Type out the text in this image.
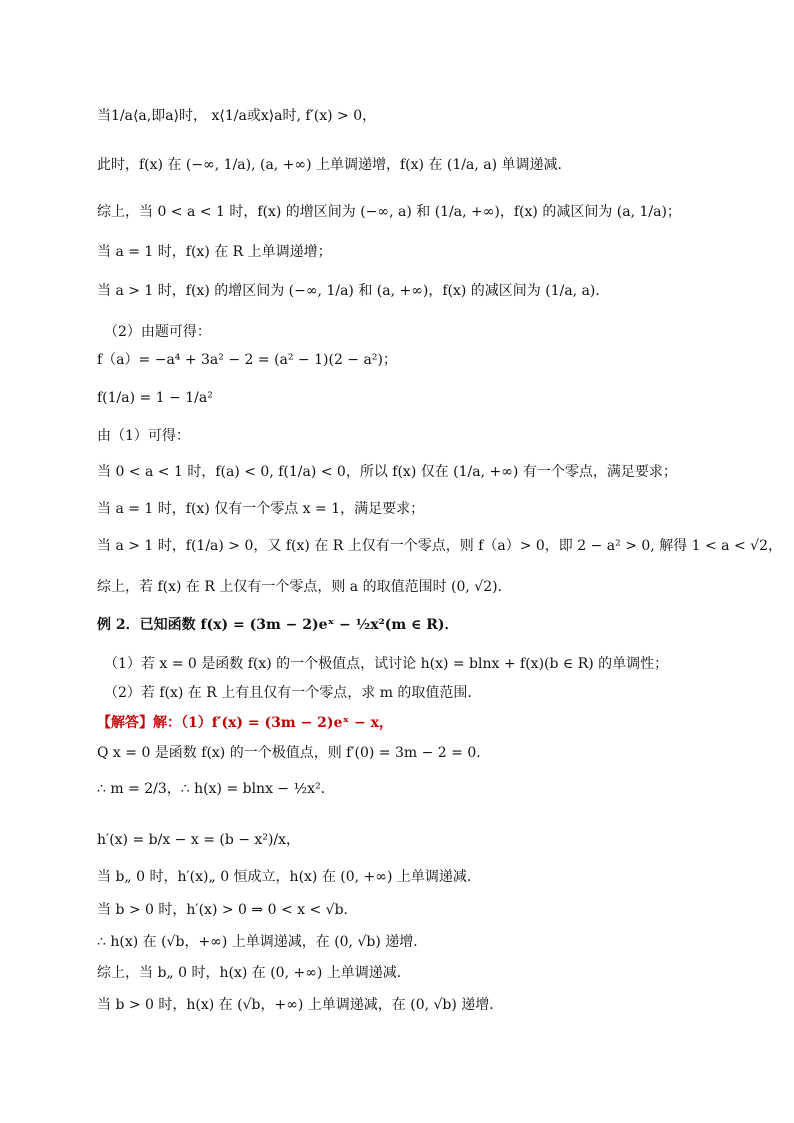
当1/a⟨a,即a⟩时， x⟨1/a或x⟩a时, f′(x) > 0，
此时，f(x) 在 (−∞, 1/a), (a, +∞) 上单调递增，f(x) 在 (1/a, a) 单调递减．
综上，当 0 < a < 1 时，f(x) 的增区间为 (−∞, a) 和 (1/a, +∞)，f(x) 的减区间为 (a, 1/a)；
当 a = 1 时，f(x) 在 R 上单调递增；
当 a > 1 时，f(x) 的增区间为 (−∞, 1/a) 和 (a, +∞)，f(x) 的减区间为 (1/a, a)．
（2）由题可得：
f（a）= −a⁴ + 3a² − 2 = (a² − 1)(2 − a²)；
f(1/a) = 1 − 1/a²
由（1）可得：
当 0 < a < 1 时，f(a) < 0, f(1/a) < 0，所以 f(x) 仅在 (1/a, +∞) 有一个零点，满足要求；
当 a = 1 时，f(x) 仅有一个零点 x = 1，满足要求；
当 a > 1 时，f(1/a) > 0，又 f(x) 在 R 上仅有一个零点，则 f（a）> 0，即 2 − a² > 0, 解得 1 < a < √2，
综上，若 f(x) 在 R 上仅有一个零点，则 a 的取值范围时 (0, √2)．
例 2．已知函数 f(x) = (3m − 2)eˣ − ½x²(m ∈ R)．
（1）若 x = 0 是函数 f(x) 的一个极值点，试讨论 h(x) = blnx + f(x)(b ∈ R) 的单调性；
（2）若 f(x) 在 R 上有且仅有一个零点，求 m 的取值范围．
【解答】解：（1）f′(x) = (3m − 2)eˣ − x，
Q x = 0 是函数 f(x) 的一个极值点，则 f′(0) = 3m − 2 = 0．
∴ m = 2/3，∴ h(x) = blnx − ½x²．
h′(x) = b/x − x = (b − x²)/x，
当 b„ 0 时，h′(x)„ 0 恒成立，h(x) 在 (0, +∞) 上单调递减．
当 b > 0 时，h′(x) > 0 ⇒ 0 < x < √b．
∴ h(x) 在 (√b，+∞) 上单调递减，在 (0, √b) 递增．
综上，当 b„ 0 时，h(x) 在 (0, +∞) 上单调递减．
当 b > 0 时，h(x) 在 (√b，+∞) 上单调递减，在 (0, √b) 递增．
